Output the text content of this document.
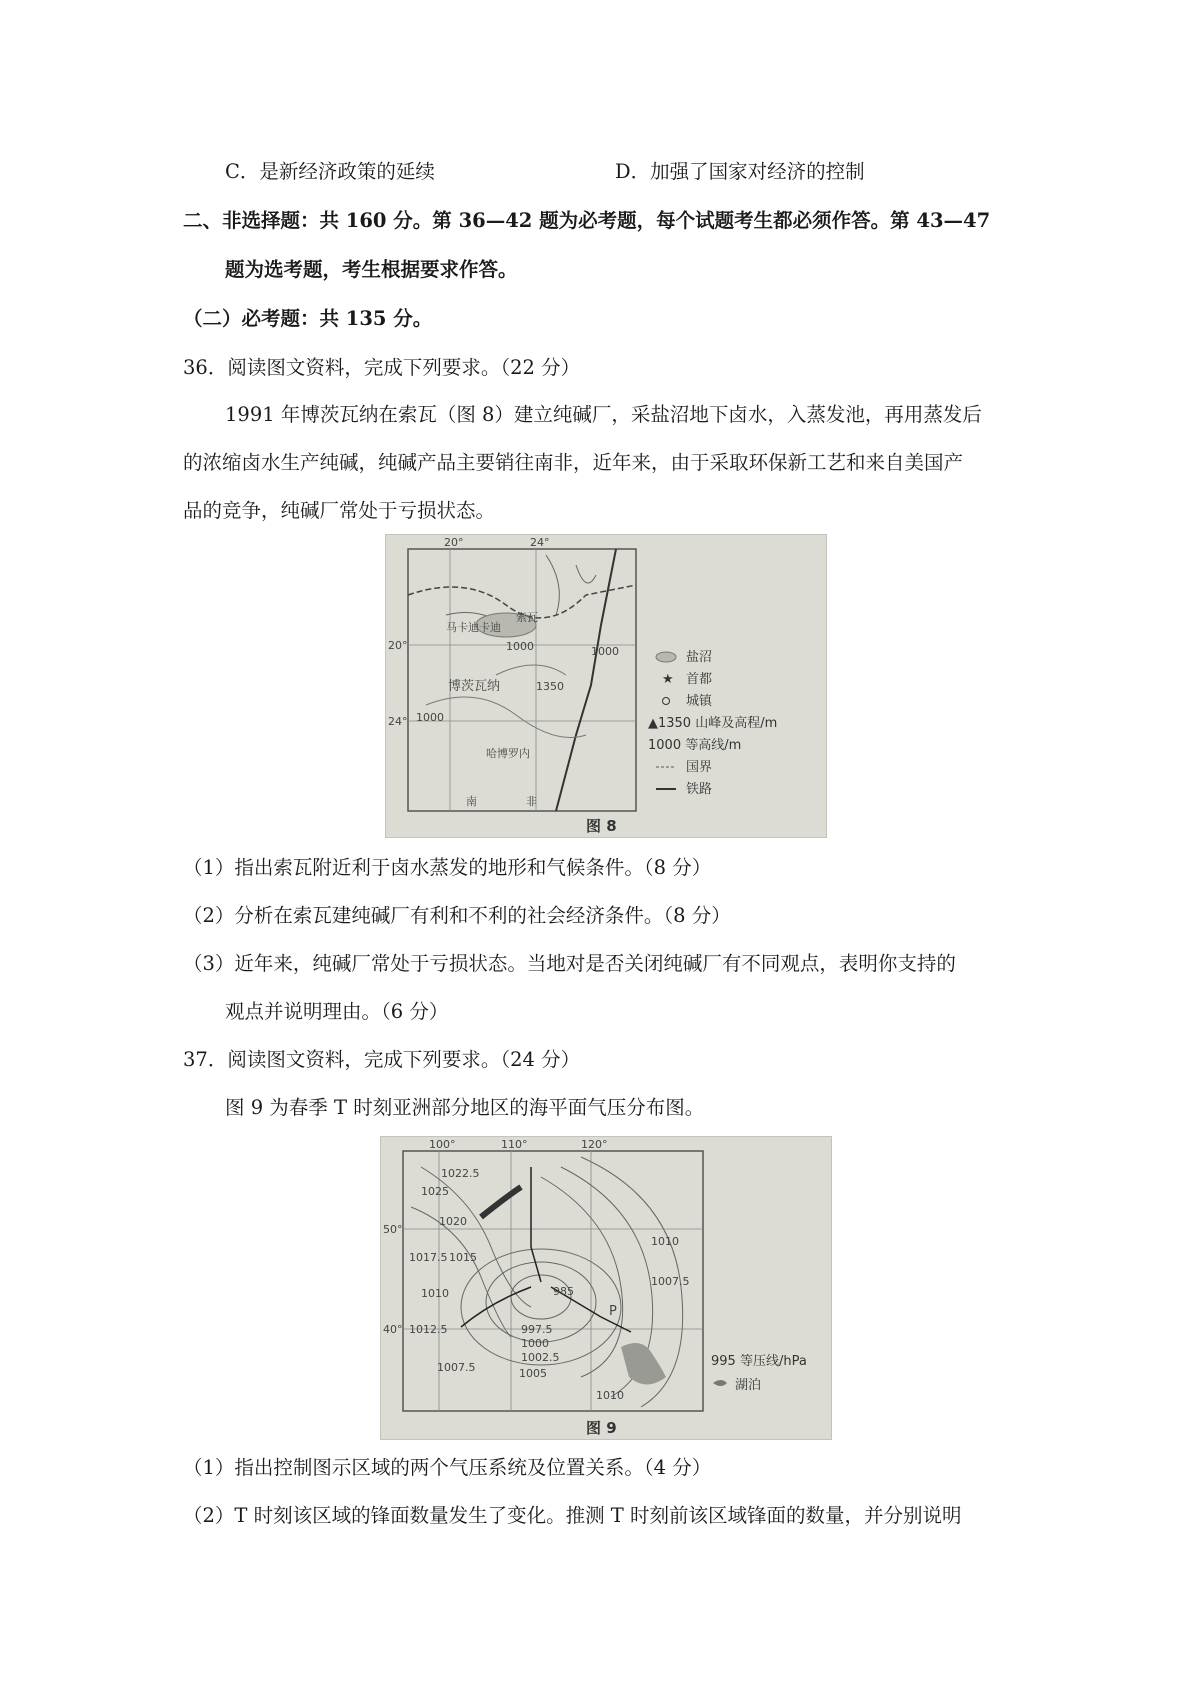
C．是新经济政策的延续	D．加强了国家对经济的控制
二、非选择题：共 160 分。第 36—42 题为必考题，每个试题考生都必须作答。第 43—47
题为选考题，考生根据要求作答。
（二）必考题：共 135 分。
36．阅读图文资料，完成下列要求。（22 分）
1991 年博茨瓦纳在索瓦（图 8）建立纯碱厂，采盐沼地下卤水，入蒸发池，再用蒸发后
的浓缩卤水生产纯碱，纯碱产品主要销往南非，近年来，由于采取环保新工艺和来自美国产
品的竞争，纯碱厂常处于亏损状态。
20°	24°
20°
24°
索瓦
马卡迪卡迪
博茨瓦纳
哈博罗内
南	非
1000	1000
1000
1350
盐沼
★ 首都
城镇
▲1350 山峰及高程/m
1000 等高线/m
国界
铁路
图 8
（1）指出索瓦附近利于卤水蒸发的地形和气候条件。（8 分）
（2）分析在索瓦建纯碱厂有利和不利的社会经济条件。（8 分）
（3）近年来，纯碱厂常处于亏损状态。当地对是否关闭纯碱厂有不同观点，表明你支持的
观点并说明理由。（6 分）
37．阅读图文资料，完成下列要求。（24 分）
图 9 为春季 T 时刻亚洲部分地区的海平面气压分布图。
100°	110°	120°
50°
40°
1022.5
1025
1020
1017.5 1015
1010
1012.5
1007.5
985
997.5
1000
1002.5
1005
1010
1007.5
1010
P
995 等压线/hPa
湖泊
图 9
（1）指出控制图示区域的两个气压系统及位置关系。（4 分）
（2）T 时刻该区域的锋面数量发生了变化。推测 T 时刻前该区域锋面的数量，并分别说明
